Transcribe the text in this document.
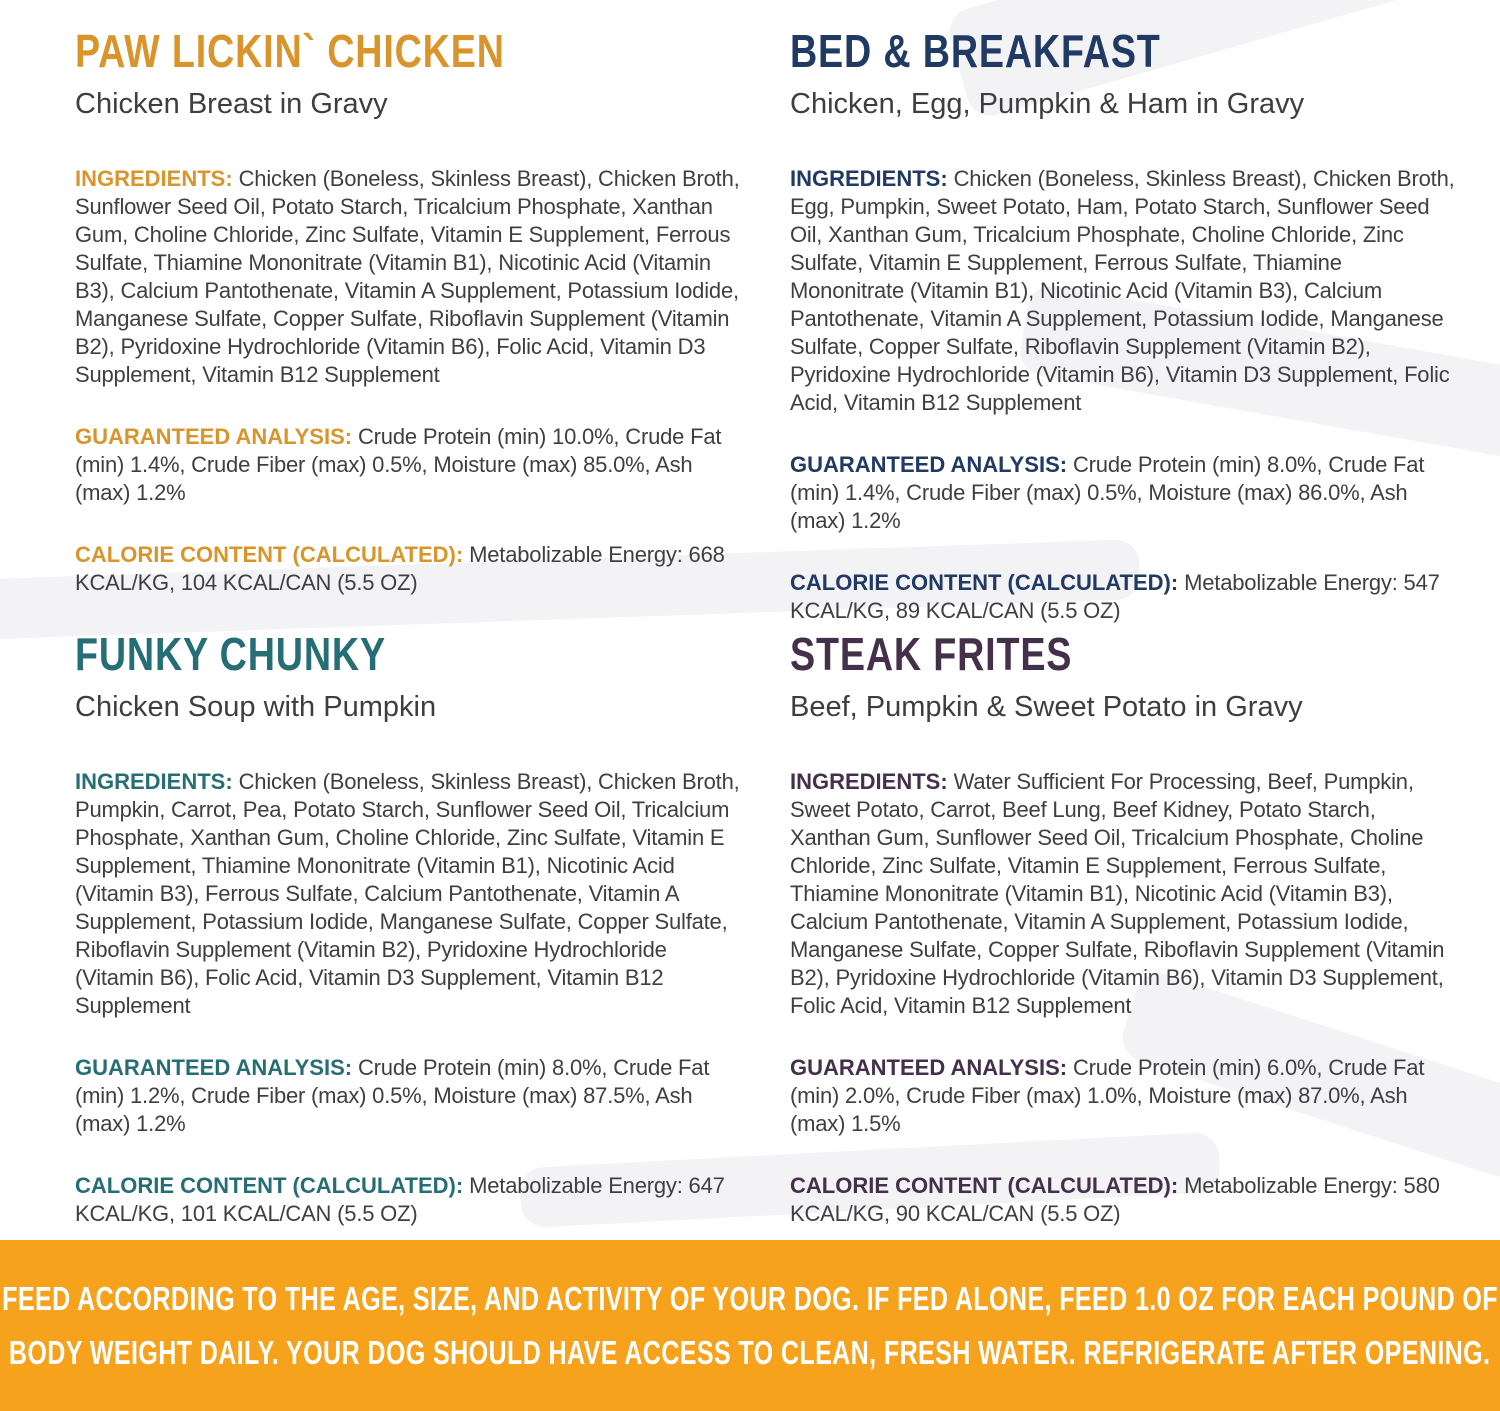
PAW LICKIN` CHICKEN
Chicken Breast in Gravy

INGREDIENTS: Chicken (Boneless, Skinless Breast), Chicken Broth, Sunflower Seed Oil, Potato Starch, Tricalcium Phosphate, Xanthan Gum, Choline Chloride, Zinc Sulfate, Vitamin E Supplement, Ferrous Sulfate, Thiamine Mononitrate (Vitamin B1), Nicotinic Acid (Vitamin B3), Calcium Pantothenate, Vitamin A Supplement, Potassium Iodide, Manganese Sulfate, Copper Sulfate, Riboflavin Supplement (Vitamin B2), Pyridoxine Hydrochloride (Vitamin B6), Folic Acid, Vitamin D3 Supplement, Vitamin B12 Supplement

GUARANTEED ANALYSIS: Crude Protein (min) 10.0%, Crude Fat (min) 1.4%, Crude Fiber (max) 0.5%, Moisture (max) 85.0%, Ash (max) 1.2%

CALORIE CONTENT (CALCULATED): Metabolizable Energy: 668 KCAL/KG, 104 KCAL/CAN (5.5 OZ)

BED & BREAKFAST
Chicken, Egg, Pumpkin & Ham in Gravy

INGREDIENTS: Chicken (Boneless, Skinless Breast), Chicken Broth, Egg, Pumpkin, Sweet Potato, Ham, Potato Starch, Sunflower Seed Oil, Xanthan Gum, Tricalcium Phosphate, Choline Chloride, Zinc Sulfate, Vitamin E Supplement, Ferrous Sulfate, Thiamine Mononitrate (Vitamin B1), Nicotinic Acid (Vitamin B3), Calcium Pantothenate, Vitamin A Supplement, Potassium Iodide, Manganese Sulfate, Copper Sulfate, Riboflavin Supplement (Vitamin B2), Pyridoxine Hydrochloride (Vitamin B6), Vitamin D3 Supplement, Folic Acid, Vitamin B12 Supplement

GUARANTEED ANALYSIS: Crude Protein (min) 8.0%, Crude Fat (min) 1.4%, Crude Fiber (max) 0.5%, Moisture (max) 86.0%, Ash (max) 1.2%

CALORIE CONTENT (CALCULATED): Metabolizable Energy: 547 KCAL/KG, 89 KCAL/CAN (5.5 OZ)

FUNKY CHUNKY
Chicken Soup with Pumpkin

INGREDIENTS: Chicken (Boneless, Skinless Breast), Chicken Broth, Pumpkin, Carrot, Pea, Potato Starch, Sunflower Seed Oil, Tricalcium Phosphate, Xanthan Gum, Choline Chloride, Zinc Sulfate, Vitamin E Supplement, Thiamine Mononitrate (Vitamin B1), Nicotinic Acid (Vitamin B3), Ferrous Sulfate, Calcium Pantothenate, Vitamin A Supplement, Potassium Iodide, Manganese Sulfate, Copper Sulfate, Riboflavin Supplement (Vitamin B2), Pyridoxine Hydrochloride (Vitamin B6), Folic Acid, Vitamin D3 Supplement, Vitamin B12 Supplement

GUARANTEED ANALYSIS: Crude Protein (min) 8.0%, Crude Fat (min) 1.2%, Crude Fiber (max) 0.5%, Moisture (max) 87.5%, Ash (max) 1.2%

CALORIE CONTENT (CALCULATED): Metabolizable Energy: 647 KCAL/KG, 101 KCAL/CAN (5.5 OZ)

STEAK FRITES
Beef, Pumpkin & Sweet Potato in Gravy

INGREDIENTS: Water Sufficient For Processing, Beef, Pumpkin, Sweet Potato, Carrot, Beef Lung, Beef Kidney, Potato Starch, Xanthan Gum, Sunflower Seed Oil, Tricalcium Phosphate, Choline Chloride, Zinc Sulfate, Vitamin E Supplement, Ferrous Sulfate, Thiamine Mononitrate (Vitamin B1), Nicotinic Acid (Vitamin B3), Calcium Pantothenate, Vitamin A Supplement, Potassium Iodide, Manganese Sulfate, Copper Sulfate, Riboflavin Supplement (Vitamin B2), Pyridoxine Hydrochloride (Vitamin B6), Vitamin D3 Supplement, Folic Acid, Vitamin B12 Supplement

GUARANTEED ANALYSIS: Crude Protein (min) 6.0%, Crude Fat (min) 2.0%, Crude Fiber (max) 1.0%, Moisture (max) 87.0%, Ash (max) 1.5%

CALORIE CONTENT (CALCULATED): Metabolizable Energy: 580 KCAL/KG, 90 KCAL/CAN (5.5 OZ)

FEED ACCORDING TO THE AGE, SIZE, AND ACTIVITY OF YOUR DOG. IF FED ALONE, FEED 1.0 OZ FOR EACH POUND OF
BODY WEIGHT DAILY. YOUR DOG SHOULD HAVE ACCESS TO CLEAN, FRESH WATER. REFRIGERATE AFTER OPENING.
